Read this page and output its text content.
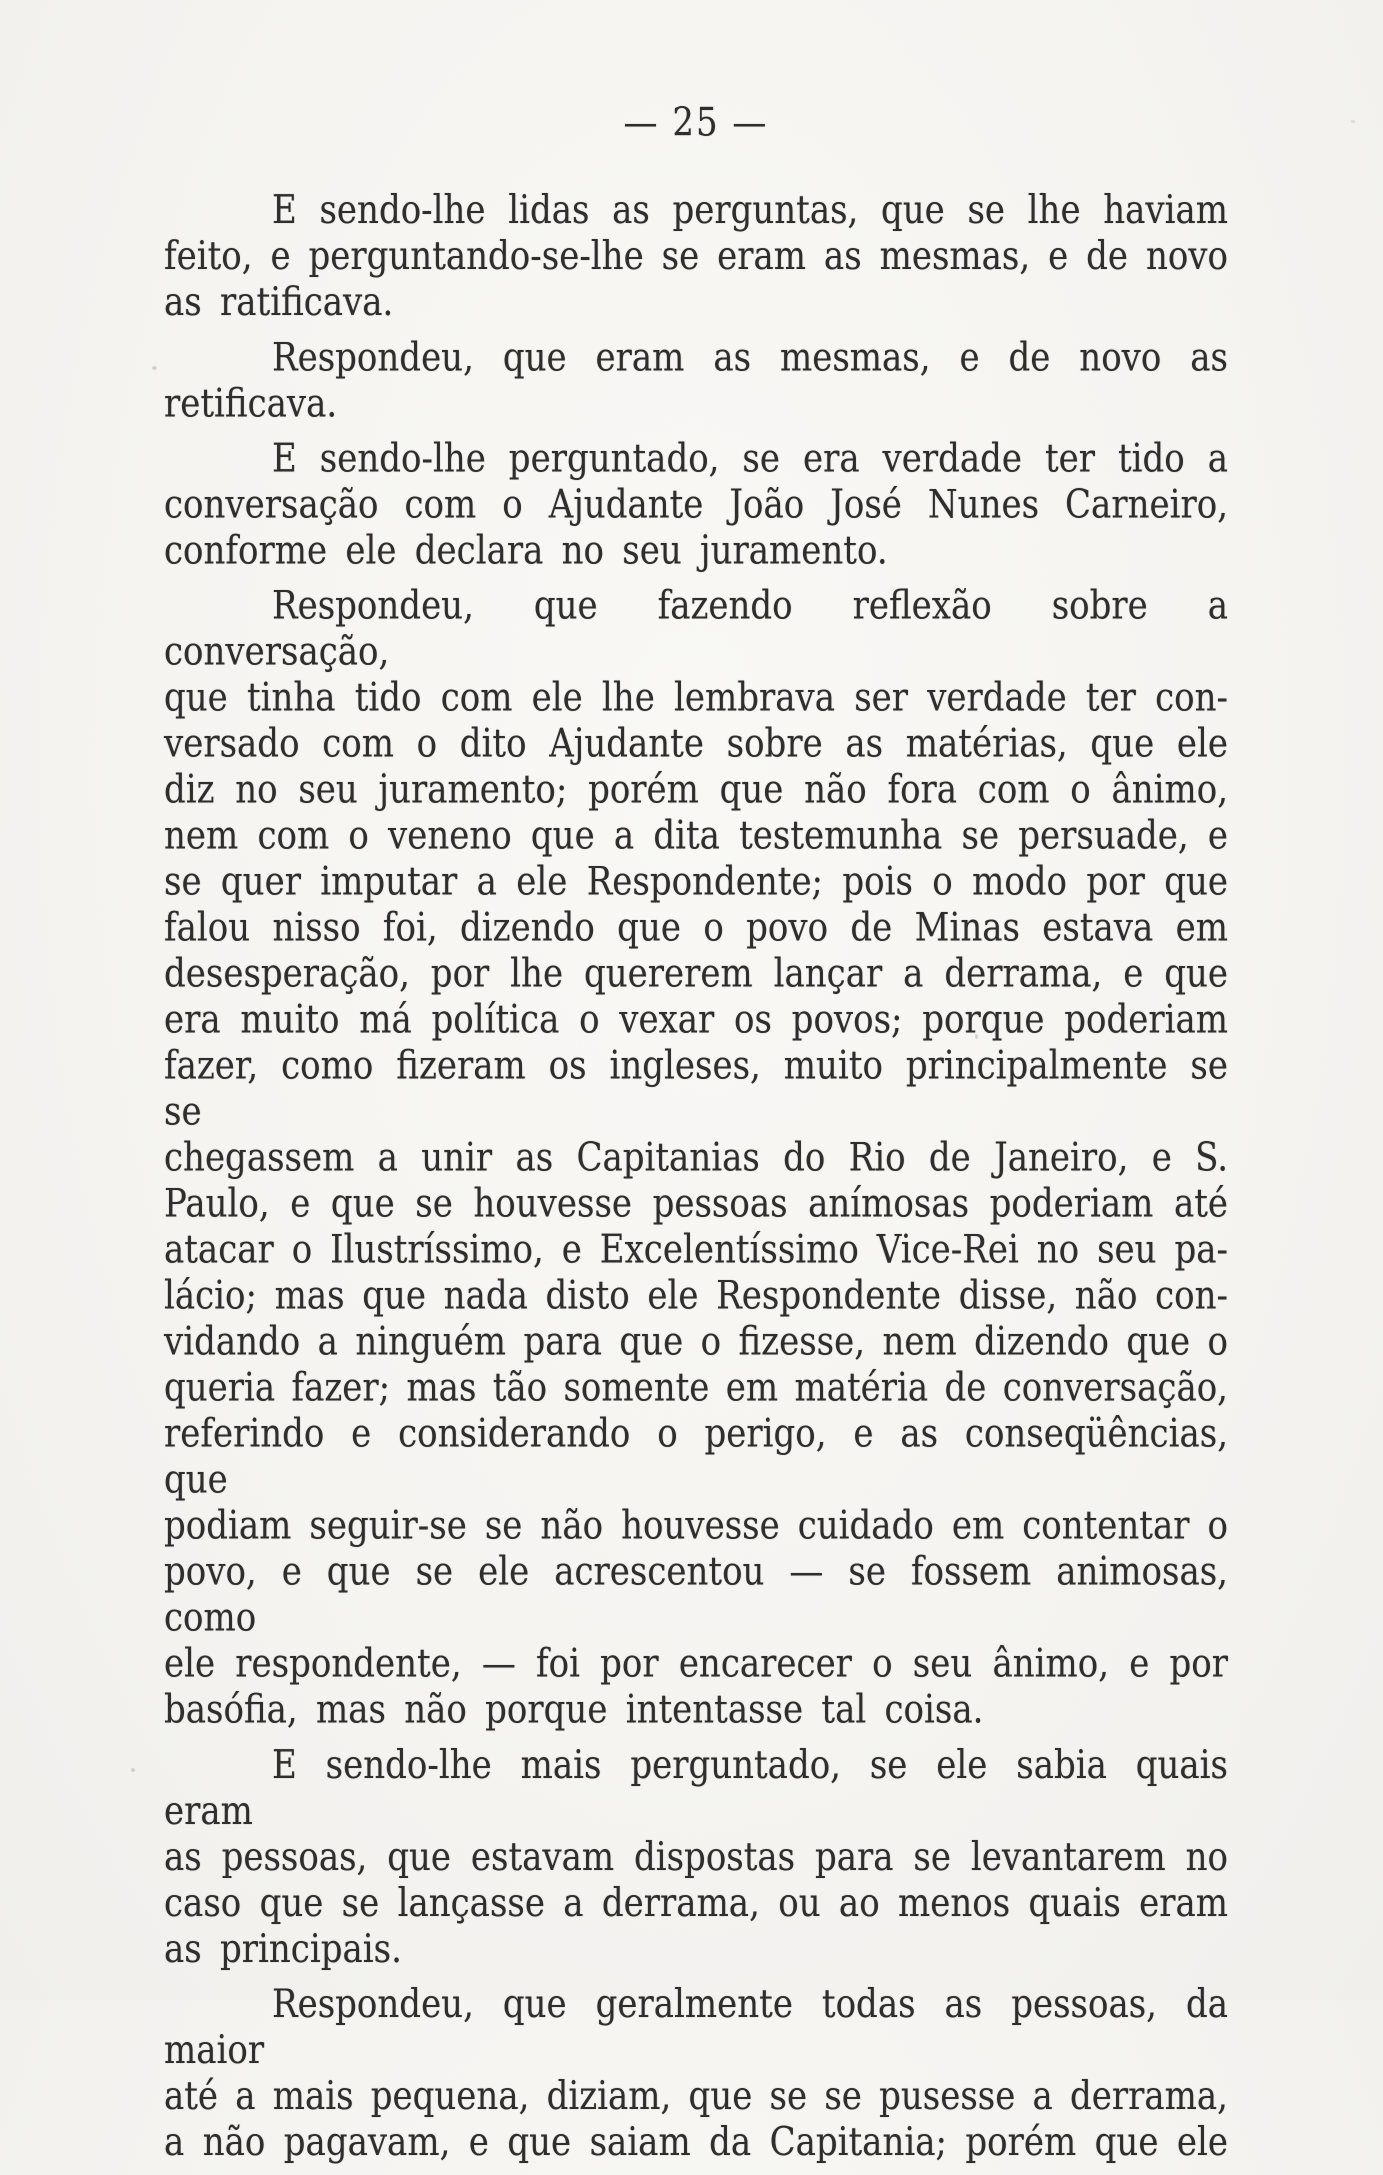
— 25 —

E sendo-lhe lidas as perguntas, que se lhe haviam
feito, e perguntando-se-lhe se eram as mesmas, e de novo
as ratificava.

Respondeu, que eram as mesmas, e de novo as
retificava.

E sendo-lhe perguntado, se era verdade ter tido a
conversação com o Ajudante João José Nunes Carneiro,
conforme ele declara no seu juramento.

Respondeu, que fazendo reflexão sobre a conversação,
que tinha tido com ele lhe lembrava ser verdade ter con-
versado com o dito Ajudante sobre as matérias, que ele
diz no seu juramento; porém que não fora com o ânimo,
nem com o veneno que a dita testemunha se persuade, e
se quer imputar a ele Respondente; pois o modo por que
falou nisso foi, dizendo que o povo de Minas estava em
desesperação, por lhe quererem lançar a derrama, e que
era muito má política o vexar os povos; porque poderiam
fazer, como fizeram os ingleses, muito principalmente se se
chegassem a unir as Capitanias do Rio de Janeiro, e S.
Paulo, e que se houvesse pessoas anímosas poderiam até
atacar o Ilustríssimo, e Excelentíssimo Vice-Rei no seu pa-
lácio; mas que nada disto ele Respondente disse, não con-
vidando a ninguém para que o fizesse, nem dizendo que o
queria fazer; mas tão somente em matéria de conversação,
referindo e considerando o perigo, e as conseqüências, que
podiam seguir-se se não houvesse cuidado em contentar o
povo, e que se ele acrescentou — se fossem animosas, como
ele respondente, — foi por encarecer o seu ânimo, e por
basófia, mas não porque intentasse tal coisa.

E sendo-lhe mais perguntado, se ele sabia quais eram
as pessoas, que estavam dispostas para se levantarem no
caso que se lançasse a derrama, ou ao menos quais eram
as principais.

Respondeu, que geralmente todas as pessoas, da maior
até a mais pequena, diziam, que se se pusesse a derrama,
a não pagavam, e que saiam da Capitania; porém que ele
